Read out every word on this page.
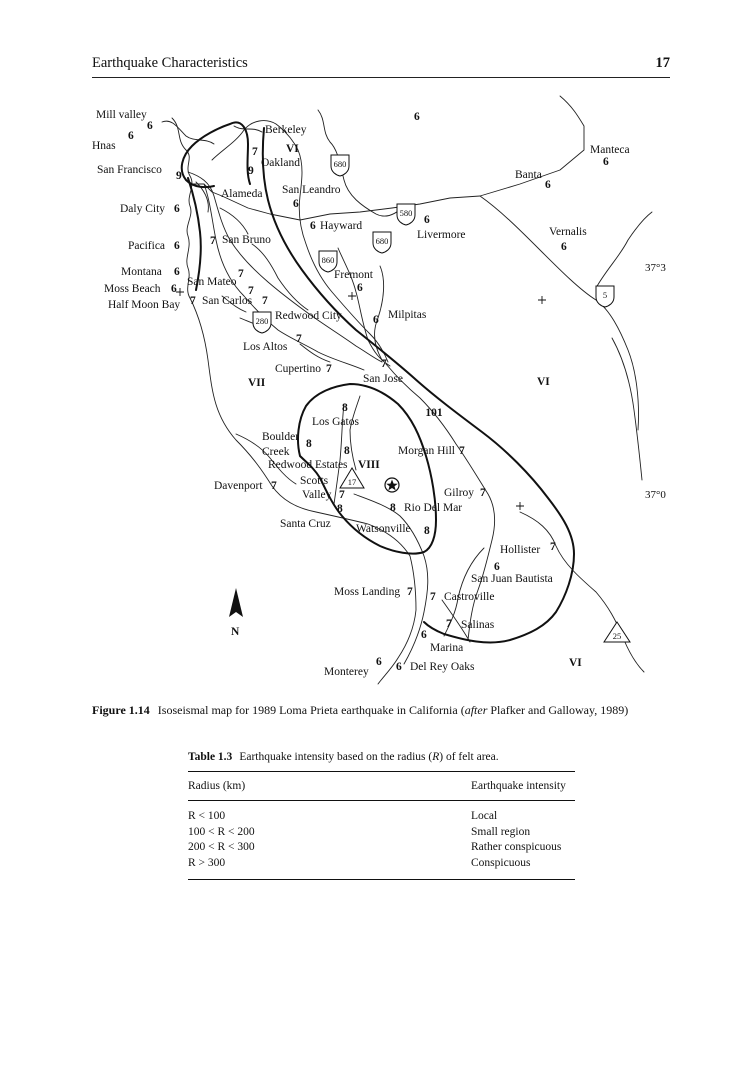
Earthquake Characteristics	17
680
580
680
860
5
280
101
17
25
N
Mill valley
Hnas
Berkeley
Oakland
San Francisco
Alameda San Leandro
Daly City
Hayward
Livermore
Banta
Manteca
Vernalis
Pacifica	San Bruno
Montana
San Mateo
Fremont
Moss Beach
Half Moon Bay San Carlos
Redwood City	Milpitas
Los Altos
Cupertino
San Jose
Los Gatos
Boulder
Creek	Morgan Hill
Redwood Estates
Davenport	Scotts
Valley	Gilroy
Rio Del Mar
Santa Cruz Watsonville
Hollister
San Juan Bautista
Moss Landing	Castroville
Salinas
Marina
Monterey	Del Rey Oaks
6
6
6
7
9	9
6
6
6	6
6
6
6
6	7
6	7
6	7	6
7	7
6
7
7	7
8
8
8	7
7
7	7
8
8
8
7
6
7 7
7
6
6 6
VI
VII	VI
VIII
VI
37°3
37°0
Figure 1.14 Isoseismal map for 1989 Loma Prieta earthquake in California (after Plafker and Galloway, 1989)
Table 1.3 Earthquake intensity based on the radius (R) of felt area.
Radius (km)	Earthquake intensity
R < 100	Local
100 < R < 200	Small region
200 < R < 300	Rather conspicuous
R > 300	Conspicuous
